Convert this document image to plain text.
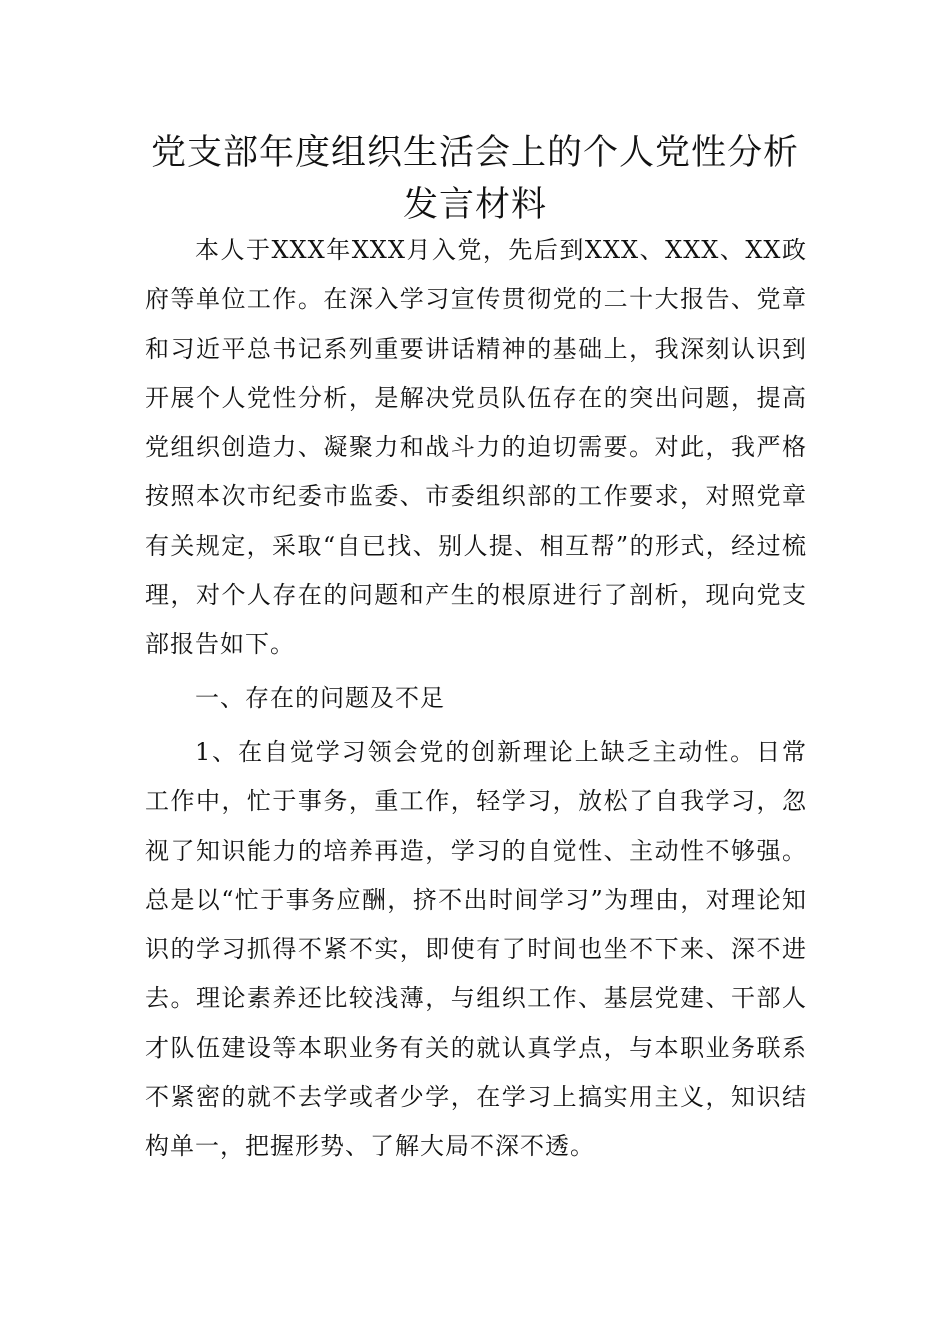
党支部年度组织生活会上的个人党性分析
发言材料
本人于XXX年XXX月入党，先后到XXX、XXX、XX政府等单位工作。在深入学习宣传贯彻党的二十大报告、党章和习近平总书记系列重要讲话精神的基础上，我深刻认识到开展个人党性分析，是解决党员队伍存在的突出问题，提高党组织创造力、凝聚力和战斗力的迫切需要。对此，我严格按照本次市纪委市监委、市委组织部的工作要求，对照党章有关规定，采取“自已找、别人提、相互帮”的形式，经过梳理，对个人存在的问题和产生的根原进行了剖析，现向党支部报告如下。
一、存在的问题及不足
1、在自觉学习领会党的创新理论上缺乏主动性。日常工作中，忙于事务，重工作，轻学习，放松了自我学习，忽视了知识能力的培养再造，学习的自觉性、主动性不够强。总是以“忙于事务应酬，挤不出时间学习”为理由，对理论知识的学习抓得不紧不实，即使有了时间也坐不下来、深不进去。理论素养还比较浅薄，与组织工作、基层党建、干部人才队伍建设等本职业务有关的就认真学点，与本职业务联系不紧密的就不去学或者少学，在学习上搞实用主义，知识结构单一，把握形势、了解大局不深不透。
